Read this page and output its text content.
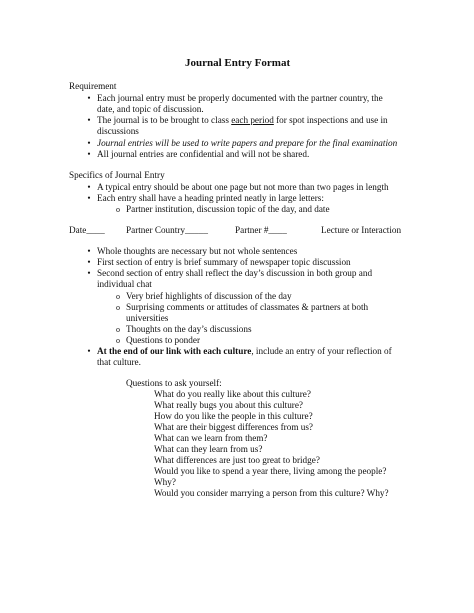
Journal Entry Format
Requirement
• Each journal entry must be properly documented with the partner country, the
date, and topic of discussion.
• The journal is to be brought to class each period for spot inspections and use in
discussions
• Journal entries will be used to write papers and prepare for the final examination
• All journal entries are confidential and will not be shared.
Specifics of Journal Entry
• A typical entry should be about one page but not more than two pages in length
• Each entry shall have a heading printed neatly in large letters:
o Partner institution, discussion topic of the day, and date
Date____ Partner Country_____	Partner #____	Lecture or Interaction
• Whole thoughts are necessary but not whole sentences
• First section of entry is brief summary of newspaper topic discussion
• Second section of entry shall reflect the day’s discussion in both group and
individual chat
o Very brief highlights of discussion of the day
o Surprising comments or attitudes of classmates & partners at both
universities
o Thoughts on the day’s discussions
o Questions to ponder
• At the end of our link with each culture, include an entry of your reflection of
that culture.
Questions to ask yourself:
What do you really like about this culture?
What really bugs you about this culture?
How do you like the people in this culture?
What are their biggest differences from us?
What can we learn from them?
What can they learn from us?
What differences are just too great to bridge?
Would you like to spend a year there, living among the people?
Why?
Would you consider marrying a person from this culture? Why?
